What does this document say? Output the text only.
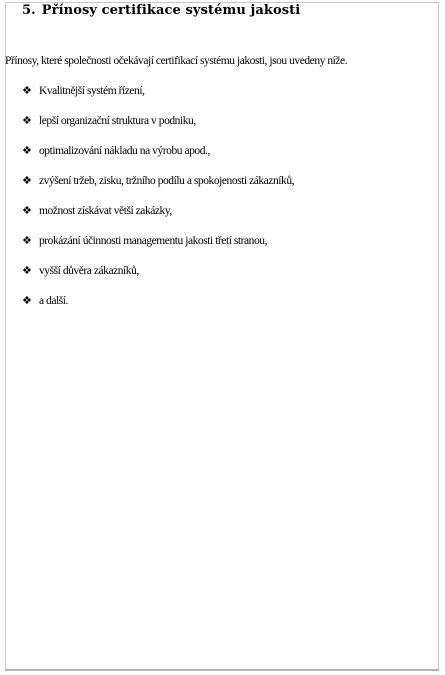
5. Přínosy certifikace systému jakosti

Přínosy, které společnosti očekávají certifikací systému jakosti, jsou uvedeny níže.

❖ Kvalitnější systém řízení,
❖ lepší organizační struktura v podniku,
❖ optimalizování nákladu na výrobu apod.,
❖ zvýšení tržeb, zisku, tržního podílu a spokojenosti zákazníků,
❖ možnost získávat větší zakázky,
❖ prokázání účinnosti managementu jakosti třetí stranou,
❖ vyšší důvěra zákazníků,
❖ a další.
